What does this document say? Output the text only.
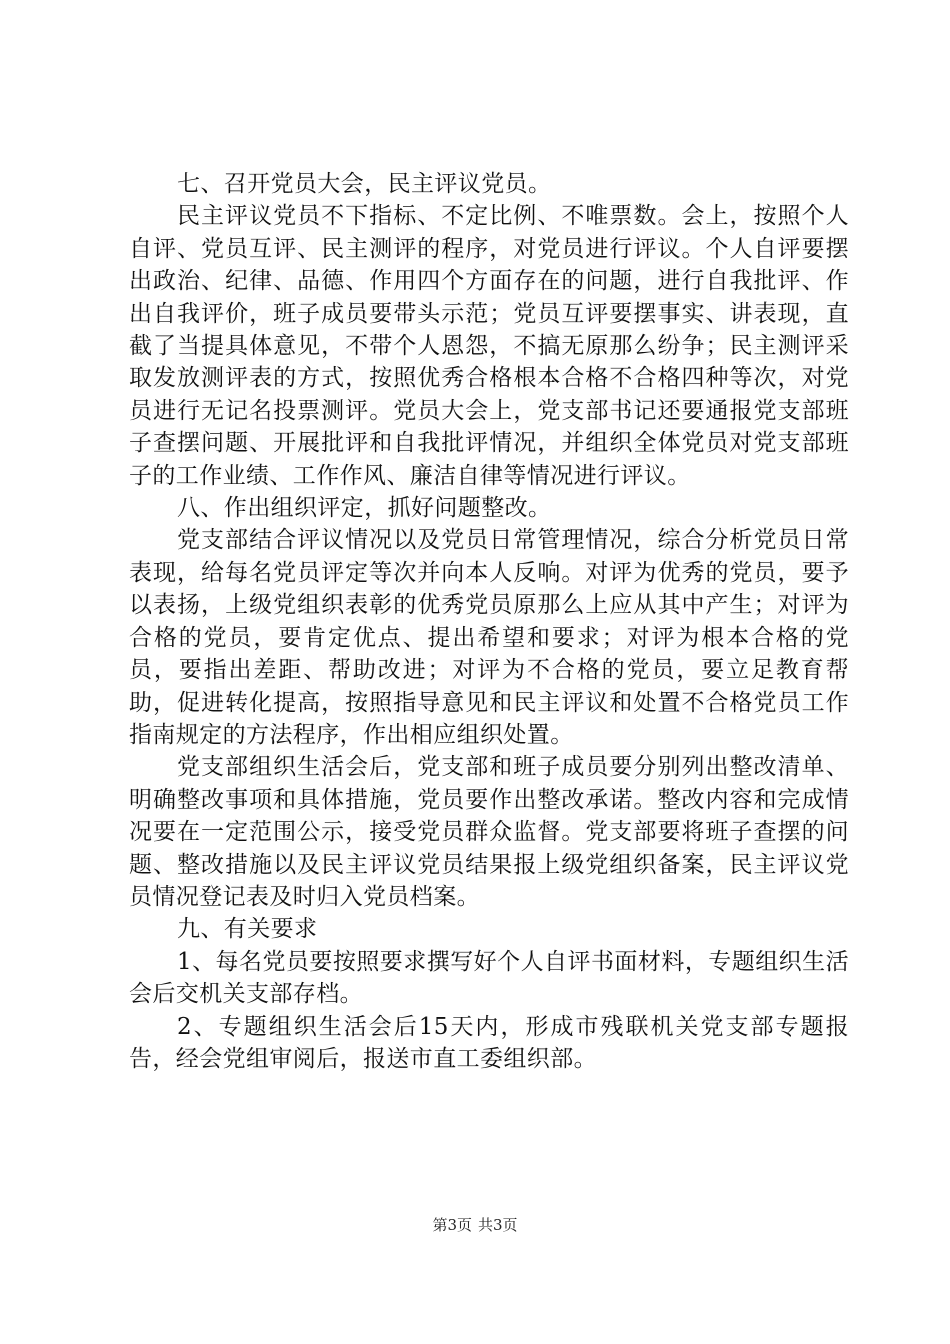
七、召开党员大会，民主评议党员。

民主评议党员不下指标、不定比例、不唯票数。会上，按照个人自评、党员互评、民主测评的程序，对党员进行评议。个人自评要摆出政治、纪律、品德、作用四个方面存在的问题，进行自我批评、作出自我评价，班子成员要带头示范；党员互评要摆事实、讲表现，直截了当提具体意见，不带个人恩怨，不搞无原那么纷争；民主测评采取发放测评表的方式，按照优秀合格根本合格不合格四种等次，对党员进行无记名投票测评。党员大会上，党支部书记还要通报党支部班子查摆问题、开展批评和自我批评情况，并组织全体党员对党支部班子的工作业绩、工作作风、廉洁自律等情况进行评议。

八、作出组织评定，抓好问题整改。

党支部结合评议情况以及党员日常管理情况，综合分析党员日常表现，给每名党员评定等次并向本人反响。对评为优秀的党员，要予以表扬，上级党组织表彰的优秀党员原那么上应从其中产生；对评为合格的党员，要肯定优点、提出希望和要求；对评为根本合格的党员，要指出差距、帮助改进；对评为不合格的党员，要立足教育帮助，促进转化提高，按照指导意见和民主评议和处置不合格党员工作指南规定的方法程序，作出相应组织处置。

党支部组织生活会后，党支部和班子成员要分别列出整改清单、明确整改事项和具体措施，党员要作出整改承诺。整改内容和完成情况要在一定范围公示，接受党员群众监督。党支部要将班子查摆的问题、整改措施以及民主评议党员结果报上级党组织备案，民主评议党员情况登记表及时归入党员档案。

九、有关要求

1、每名党员要按照要求撰写好个人自评书面材料，专题组织生活会后交机关支部存档。

2、专题组织生活会后15天内，形成市残联机关党支部专题报告，经会党组审阅后，报送市直工委组织部。

第3页 共3页
